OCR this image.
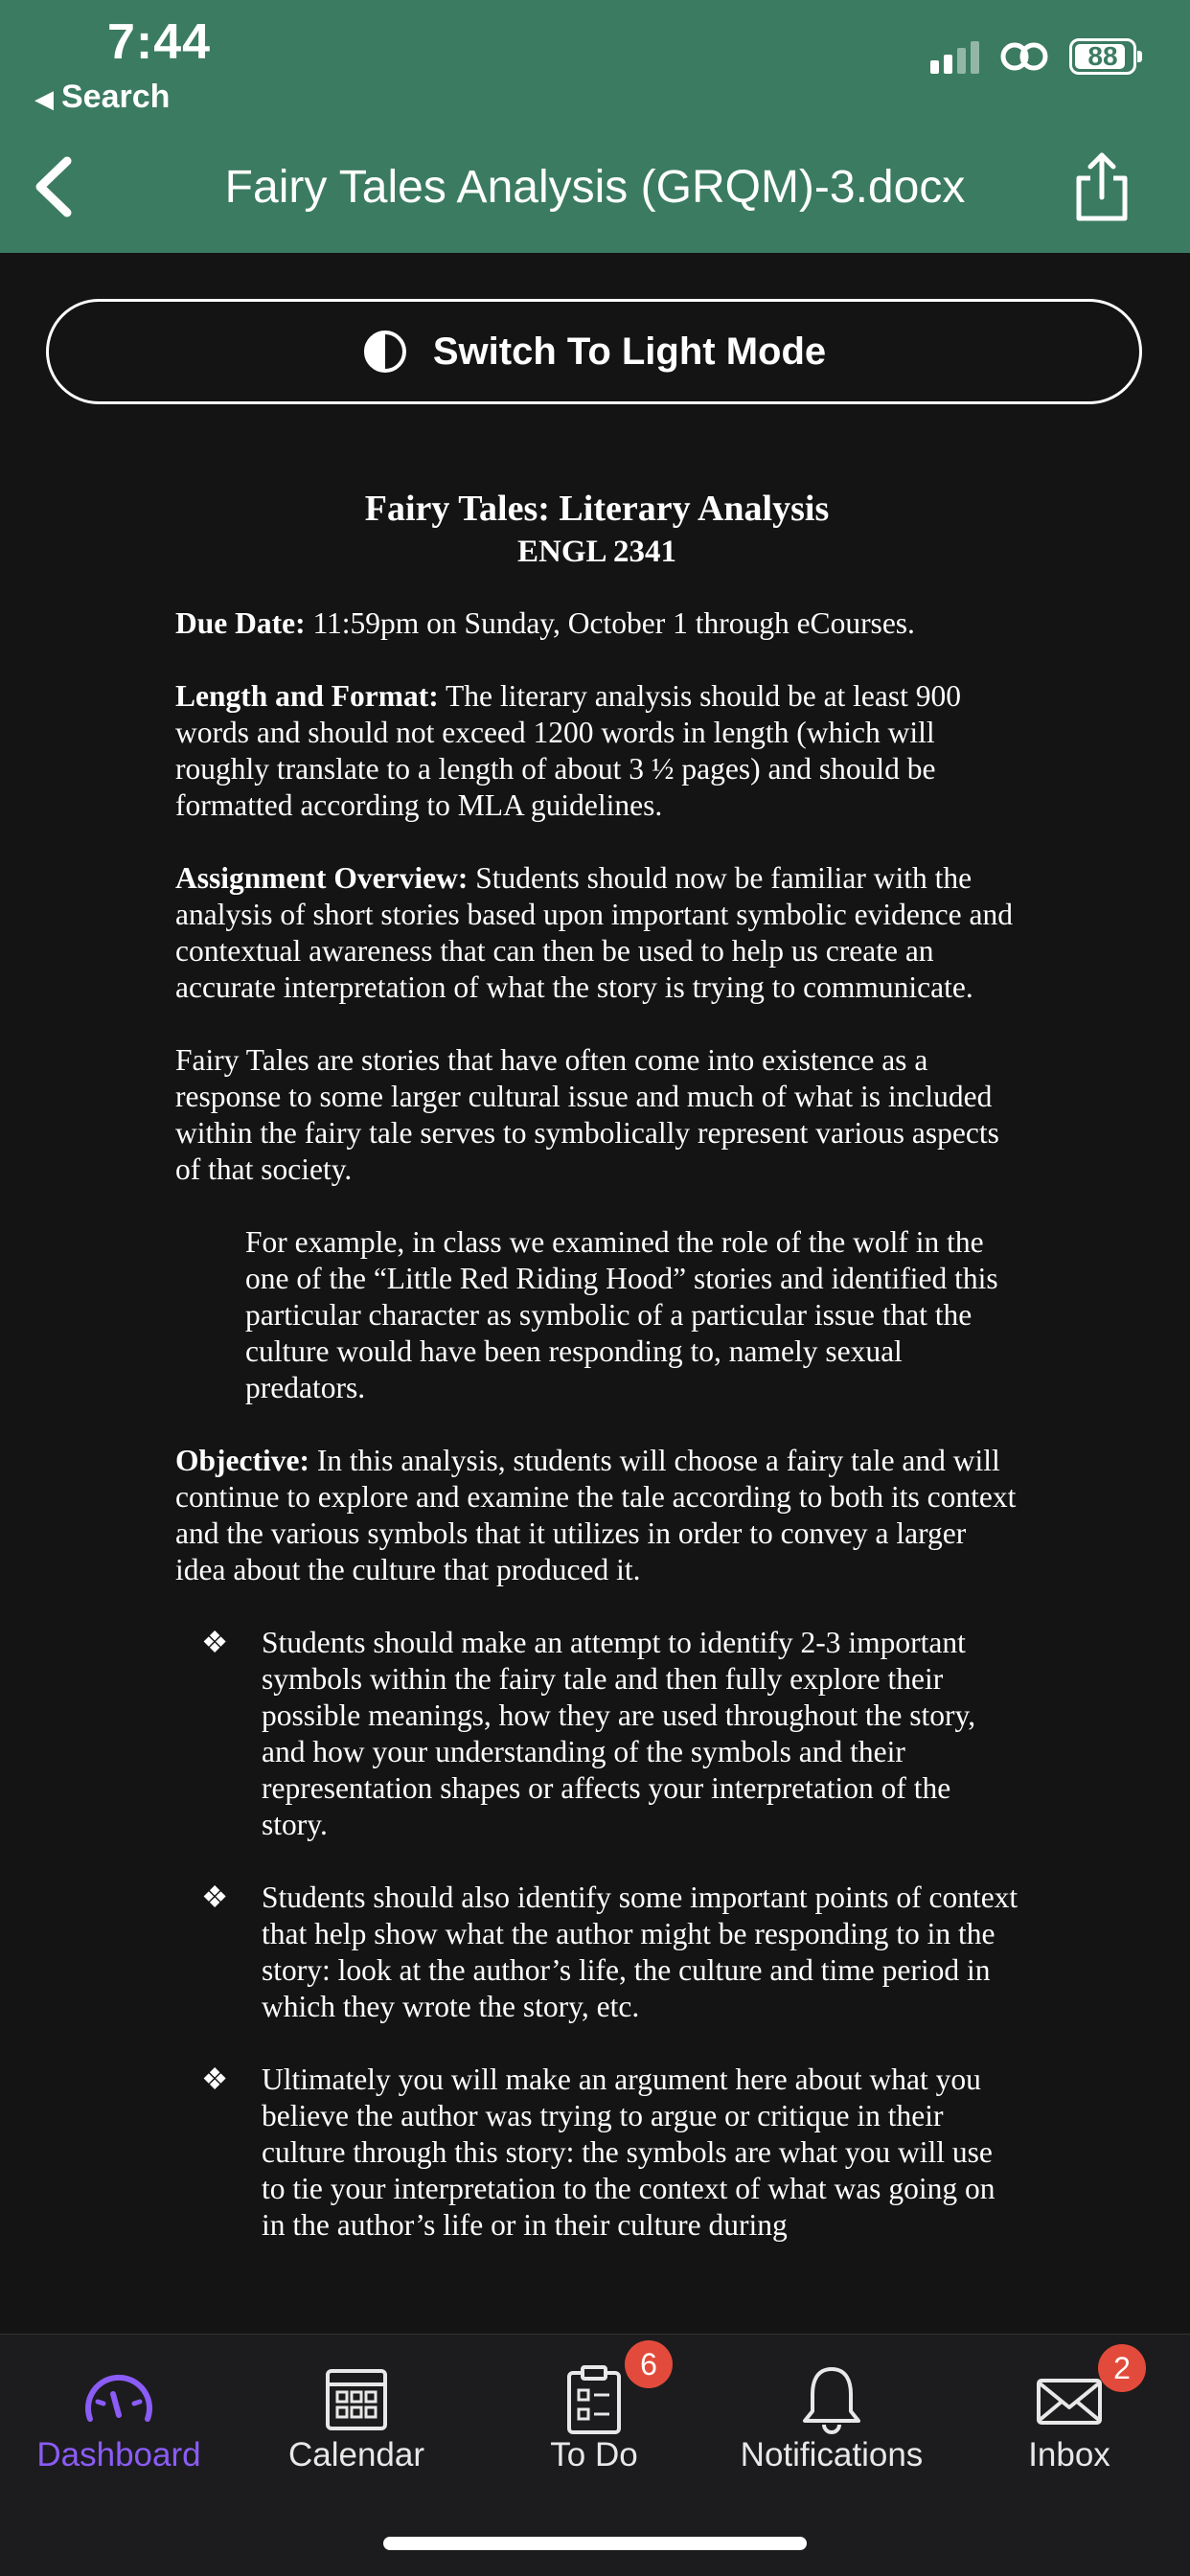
7:44
◀ Search
88
Fairy Tales Analysis (GRQM)-3.docx
Switch To Light Mode
Fairy Tales: Literary Analysis
ENGL 2341

Due Date: 11:59pm on Sunday, October 1 through eCourses.

Length and Format: The literary analysis should be at least 900 words and should not exceed 1200 words in length (which will roughly translate to a length of about 3 ½ pages) and should be formatted according to MLA guidelines.

Assignment Overview: Students should now be familiar with the analysis of short stories based upon important symbolic evidence and contextual awareness that can then be used to help us create an accurate interpretation of what the story is trying to communicate.

Fairy Tales are stories that have often come into existence as a response to some larger cultural issue and much of what is included within the fairy tale serves to symbolically represent various aspects of that society.

For example, in class we examined the role of the wolf in the one of the “Little Red Riding Hood” stories and identified this particular character as symbolic of a particular issue that the culture would have been responding to, namely sexual predators.

Objective: In this analysis, students will choose a fairy tale and will continue to explore and examine the tale according to both its context and the various symbols that it utilizes in order to convey a larger idea about the culture that produced it.

❖ Students should make an attempt to identify 2-3 important symbols within the fairy tale and then fully explore their possible meanings, how they are used throughout the story, and how your understanding of the symbols and their representation shapes or affects your interpretation of the story.
❖ Students should also identify some important points of context that help show what the author might be responding to in the story: look at the author’s life, the culture and time period in which they wrote the story, etc.
❖ Ultimately you will make an argument here about what you believe the author was trying to argue or critique in their culture through this story: the symbols are what you will use to tie your interpretation to the context of what was going on in the author’s life or in their culture during
Dashboard	Calendar
6
To Do	Notifications
2
Inbox
